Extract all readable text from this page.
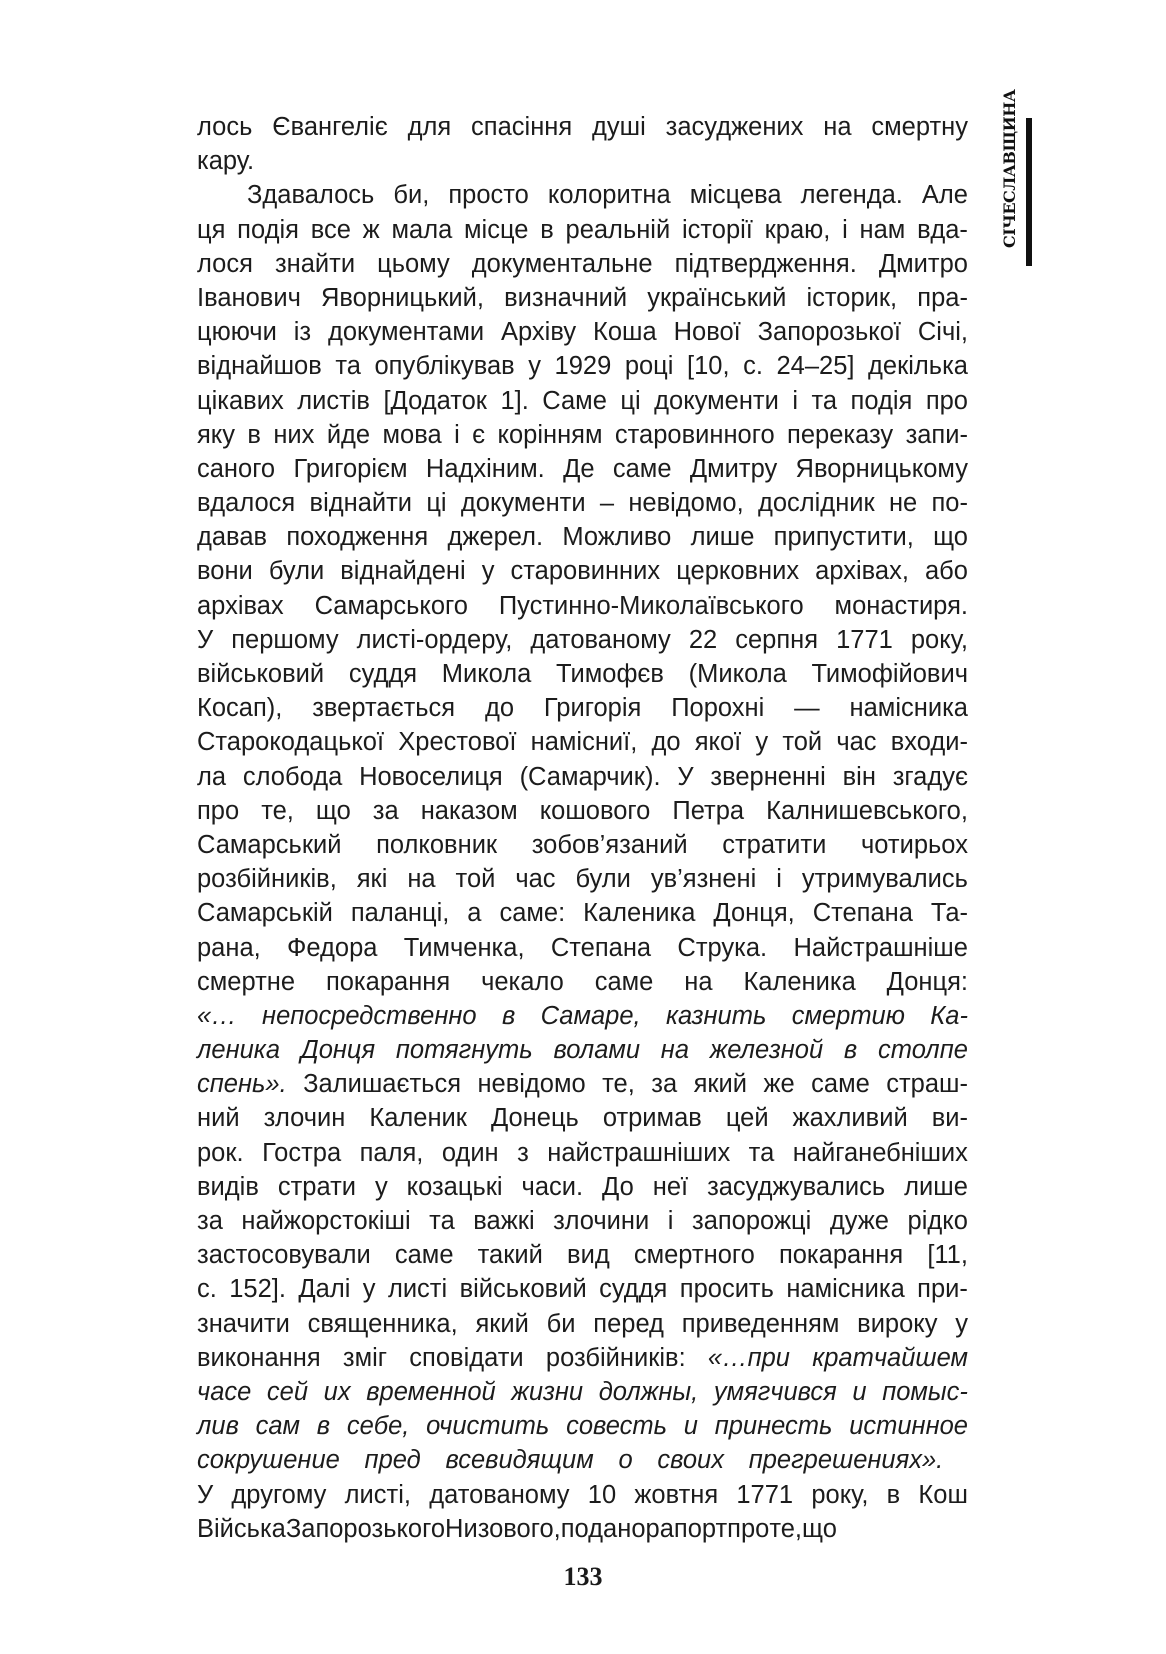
СІЧЕСЛАВЩИНА
лось Євангеліє для спасіння душі засуджених на смертну
кару.
Здавалось би, просто колоритна місцева легенда. Але
ця подія все ж мала місце в реальній історії краю, і нам вда-
лося знайти цьому документальне підтвердження. Дмитро
Іванович Яворницький, визначний український історик, пра-
цюючи із документами Архіву Коша Нової Запорозької Січі,
віднайшов та опублікував у 1929 році [10, с. 24–25] декілька
цікавих листів [Додаток 1]. Саме ці документи і та подія про
яку в них йде мова і є корінням старовинного переказу запи-
саного Григорієм Надхіним. Де саме Дмитру Яворницькому
вдалося віднайти ці документи – невідомо, дослідник не по-
давав походження джерел. Можливо лише припустити, що
вони були віднайдені у старовинних церковних архівах, або
архівах Самарського Пустинно-Миколаївського монастиря.
У першому листі-ордеру, датованому 22 серпня 1771 року,
військовий суддя Микола Тимофєв (Микола Тимофійович
Косап), звертається до Григорія Порохні — намісника
Старокодацької Хрестової намісниї, до якої у той час входи-
ла слобода Новоселиця (Самарчик). У зверненні він згадує
про те, що за наказом кошового Петра Калнишевського,
Самарський полковник зобов’язаний стратити чотирьох
розбійників, які на той час були ув’язнені і утримувались
Самарській паланці, а саме: Каленика Донця, Степана Та-
рана, Федора Тимченка, Степана Струка. Найстрашніше
смертне покарання чекало саме на Каленика Донця:
«… непосредственно в Самаре, казнить смертию Ка-
леника Донця потягнуть волами на железной в столпе
спень». Залишається невідомо те, за який же саме страш-
ний злочин Каленик Донець отримав цей жахливий ви-
рок. Гостра паля, один з найстрашніших та найганебніших
видів страти у козацькі часи. До неї засуджувались лише
за найжорстокіші та важкі злочини і запорожці дуже рідко
застосовували саме такий вид смертного покарання [11,
с. 152]. Далі у листі військовий суддя просить намісника при-
значити священника, який би перед приведенням вироку у
виконання зміг сповідати розбійників: «…при кратчайшем
часе сей их временной жизни должны, умягчився и помыс-
лив сам в себе, очистить совесть и принесть истинное
сокрушение пред всевидящим о своих прегрешениях».
У другому листі, датованому 10 жовтня 1771 року, в Кош
Війська Запорозького Низового, подано рапорт про те, що
133
